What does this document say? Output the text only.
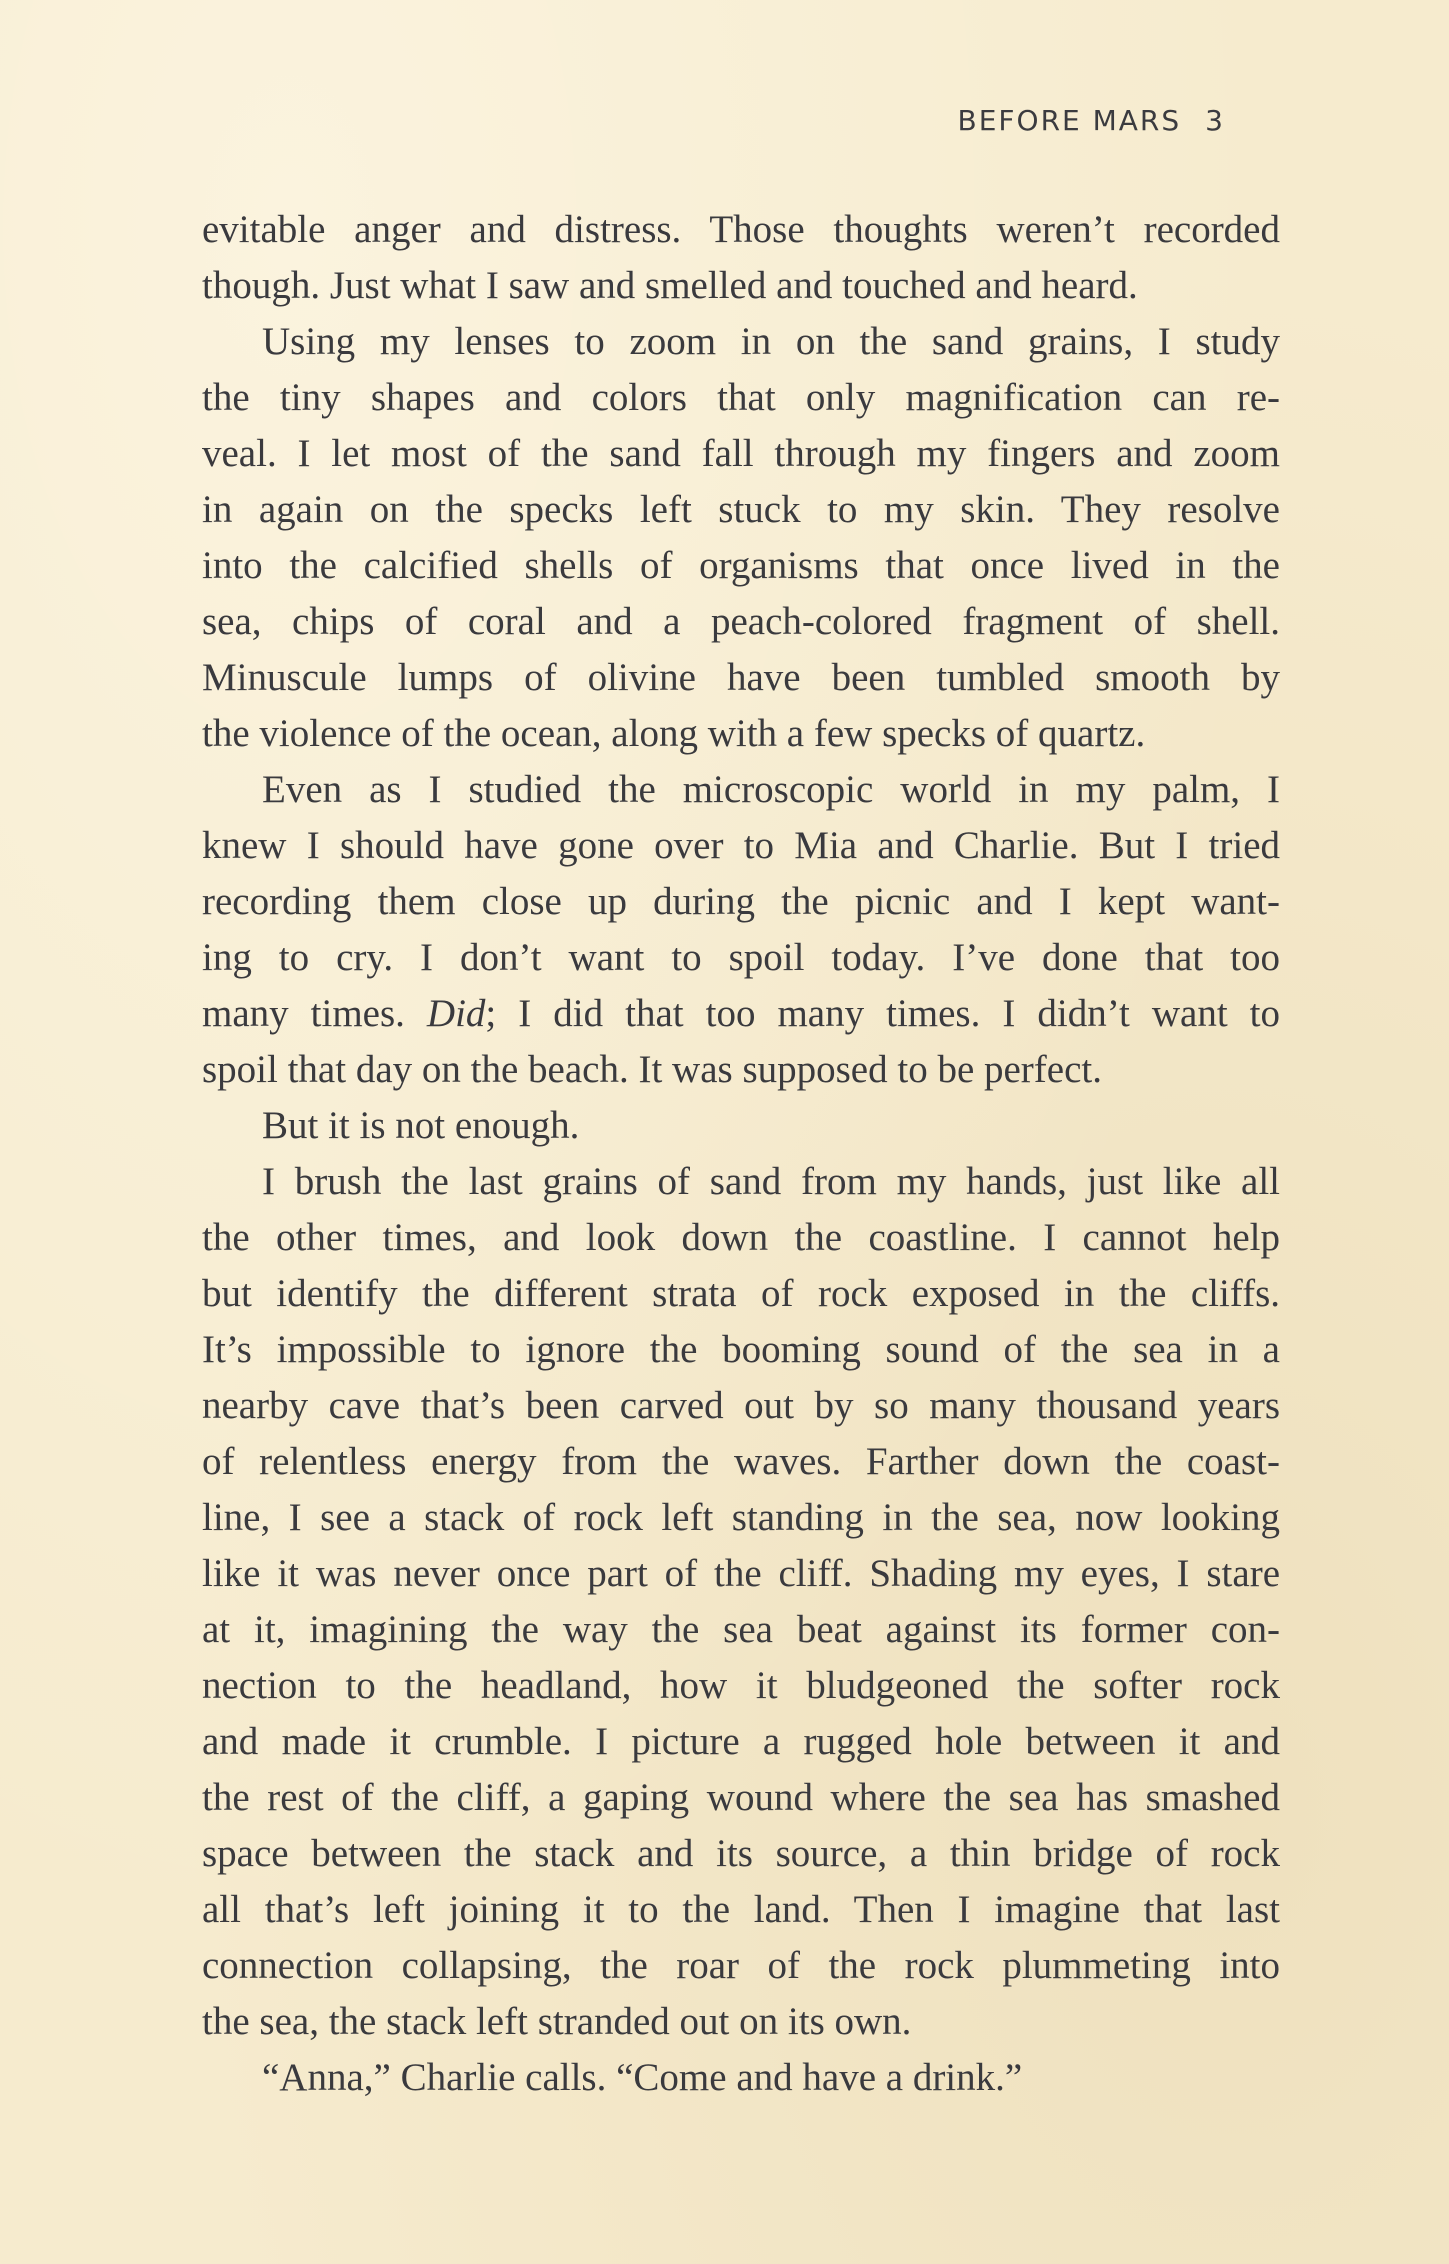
BEFORE MARS 3
evitable anger and distress. Those thoughts weren’t recorded
though. Just what I saw and smelled and touched and heard.
Using my lenses to zoom in on the sand grains, I study
the tiny shapes and colors that only magnification can re-
veal. I let most of the sand fall through my fingers and zoom
in again on the specks left stuck to my skin. They resolve
into the calcified shells of organisms that once lived in the
sea, chips of coral and a peach-colored fragment of shell.
Minuscule lumps of olivine have been tumbled smooth by
the violence of the ocean, along with a few specks of quartz.
Even as I studied the microscopic world in my palm, I
knew I should have gone over to Mia and Charlie. But I tried
recording them close up during the picnic and I kept want-
ing to cry. I don’t want to spoil today. I’ve done that too
many times. Did; I did that too many times. I didn’t want to
spoil that day on the beach. It was supposed to be perfect.
But it is not enough.
I brush the last grains of sand from my hands, just like all
the other times, and look down the coastline. I cannot help
but identify the different strata of rock exposed in the cliffs.
It’s impossible to ignore the booming sound of the sea in a
nearby cave that’s been carved out by so many thousand years
of relentless energy from the waves. Farther down the coast-
line, I see a stack of rock left standing in the sea, now looking
like it was never once part of the cliff. Shading my eyes, I stare
at it, imagining the way the sea beat against its former con-
nection to the headland, how it bludgeoned the softer rock
and made it crumble. I picture a rugged hole between it and
the rest of the cliff, a gaping wound where the sea has smashed
space between the stack and its source, a thin bridge of rock
all that’s left joining it to the land. Then I imagine that last
connection collapsing, the roar of the rock plummeting into
the sea, the stack left stranded out on its own.
“Anna,” Charlie calls. “Come and have a drink.”
